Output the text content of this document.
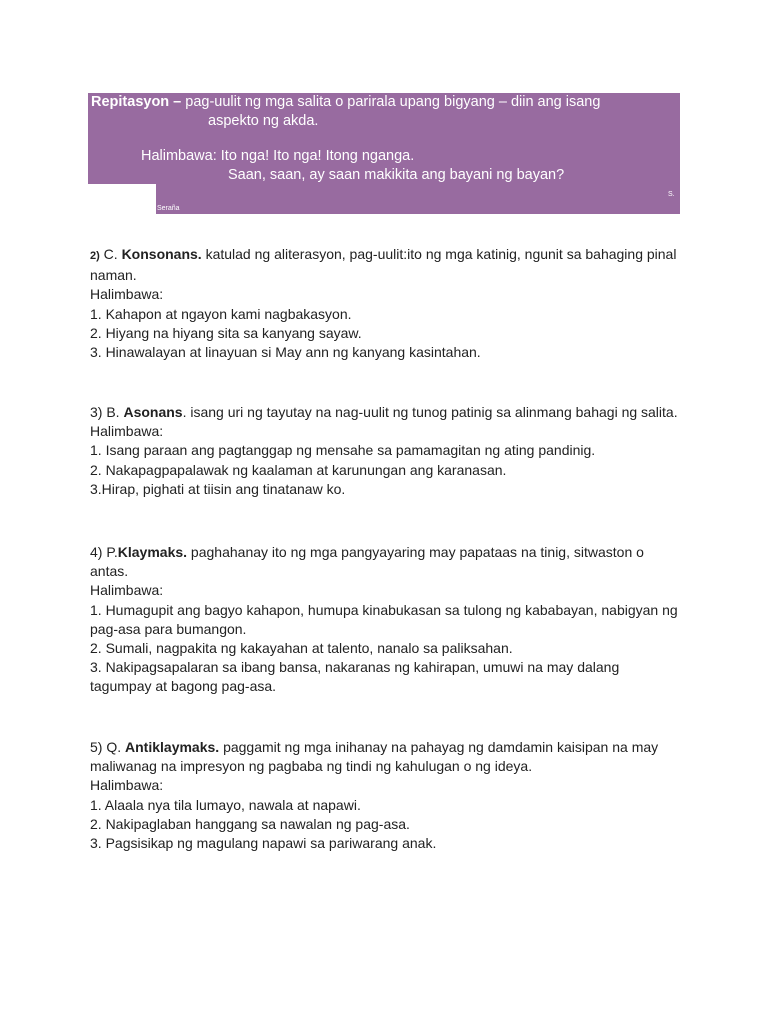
Repitasyon – pag-uulit ng mga salita o parirala upang bigyang – diin ang isang
aspekto ng akda.
Halimbawa: Ito nga! Ito nga! Itong nganga.
Saan, saan, ay saan makikita ang bayani ng bayan?
S.
Seraña

2) C. Konsonans. katulad ng aliterasyon, pag-uulit:ito ng mga katinig, ngunit sa bahaging pinal naman.

Halimbawa:

1. Kahapon at ngayon kami nagbakasyon.

2. Hiyang na hiyang sita sa kanyang sayaw.

3. Hinawalayan at linayuan si May ann ng kanyang kasintahan.

3) B. Asonans. isang uri ng tayutay na nag-uulit ng tunog patinig sa alinmang bahagi ng salita.

Halimbawa:

1. Isang paraan ang pagtanggap ng mensahe sa pamamagitan ng ating pandinig.

2. Nakapagpapalawak ng kaalaman at karunungan ang karanasan.

3.Hirap, pighati at tiisin ang tinatanaw ko.

4) P.Klaymaks. paghahanay ito ng mga pangyayaring may papataas na tinig, sitwaston o antas.

Halimbawa:

1. Humagupit ang bagyo kahapon, humupa kinabukasan sa tulong ng kababayan, nabigyan ng pag-asa para bumangon.

2. Sumali, nagpakita ng kakayahan at talento, nanalo sa paliksahan.

3. Nakipagsapalaran sa ibang bansa, nakaranas ng kahirapan, umuwi na may dalang tagumpay at bagong pag-asa.

5) Q. Antiklaymaks. paggamit ng mga inihanay na pahayag ng damdamin kaisipan na may maliwanag na impresyon ng pagbaba ng tindi ng kahulugan o ng ideya.

Halimbawa:

1. Alaala nya tila lumayo, nawala at napawi.

2. Nakipaglaban hanggang sa nawalan ng pag-asa.

3. Pagsisikap ng magulang napawi sa pariwarang anak.
